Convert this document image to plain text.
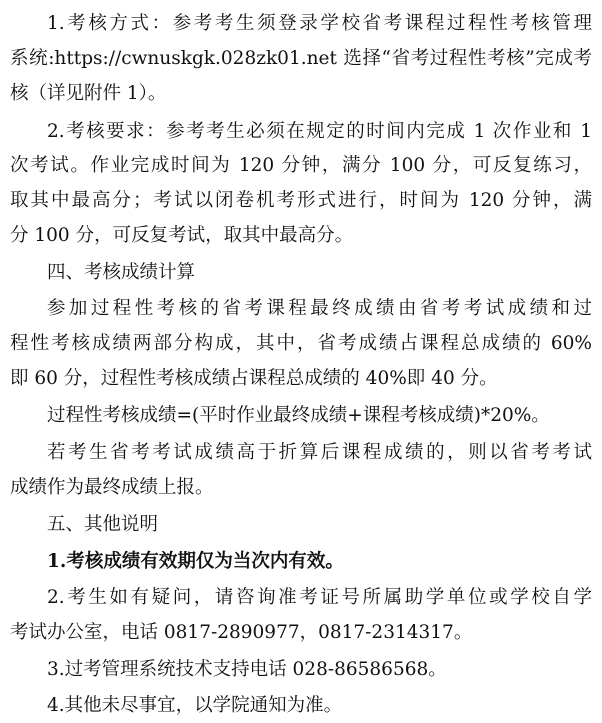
1.考核方式：参考考生须登录学校省考课程过程性考核管理
系统:https://cwnuskgk.028zk01.net 选择“省考过程性考核”完成考
核（详见附件 1）。
2.考核要求：参考考生必须在规定的时间内完成 1 次作业和 1
次考试。作业完成时间为 120 分钟，满分 100 分，可反复练习，
取其中最高分；考试以闭卷机考形式进行，时间为 120 分钟，满
分 100 分，可反复考试，取其中最高分。
四、考核成绩计算
参加过程性考核的省考课程最终成绩由省考考试成绩和过
程性考核成绩两部分构成，其中，省考成绩占课程总成绩的 60%
即 60 分，过程性考核成绩占课程总成绩的 40%即 40 分。
过程性考核成绩=(平时作业最终成绩+课程考核成绩)*20%。
若考生省考考试成绩高于折算后课程成绩的，则以省考考试
成绩作为最终成绩上报。
五、其他说明
1.考核成绩有效期仅为当次内有效。
2.考生如有疑问，请咨询准考证号所属助学单位或学校自学
考试办公室，电话 0817-2890977，0817-2314317。
3.过考管理系统技术支持电话 028-86586568。
4.其他未尽事宜，以学院通知为准。
